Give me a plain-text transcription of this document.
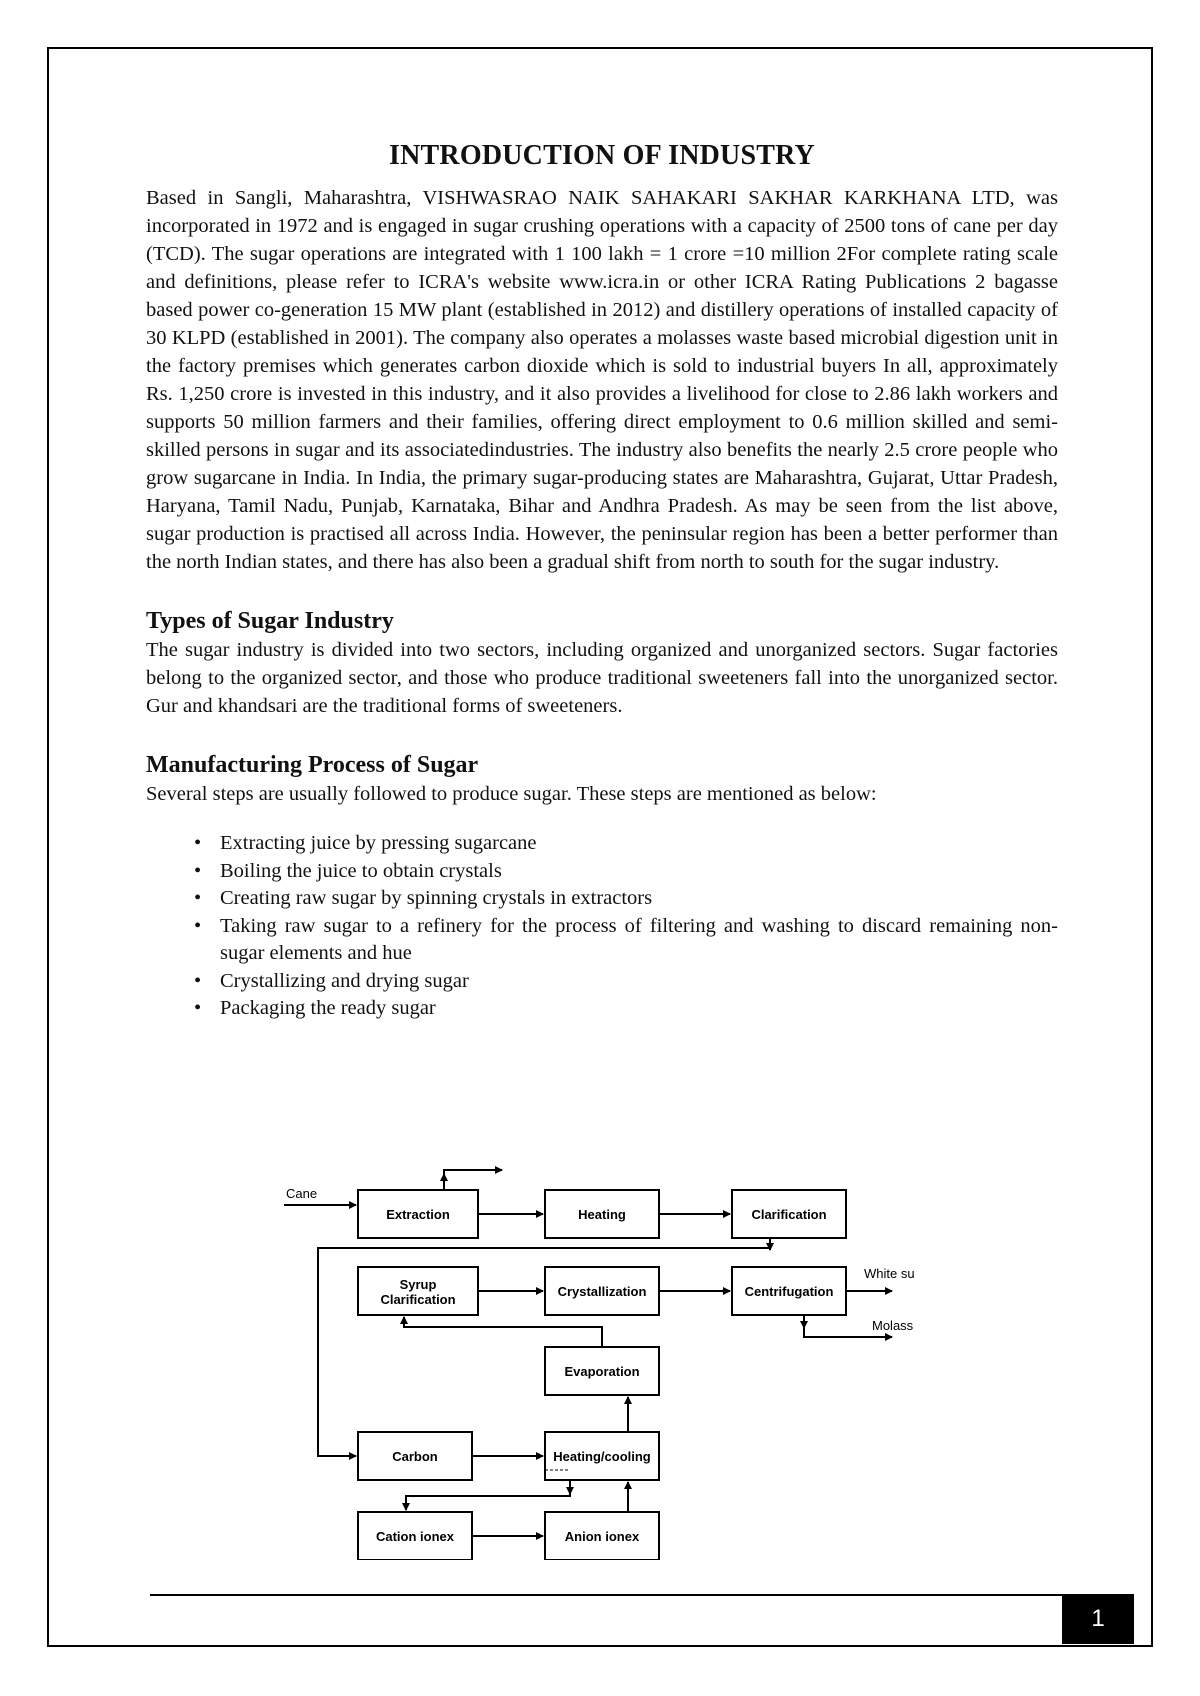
INTRODUCTION OF INDUSTRY

Based in Sangli, Maharashtra, VISHWASRAO NAIK SAHAKARI SAKHAR KARKHANA LTD, was incorporated in 1972 and is engaged in sugar crushing operations with a capacity of 2500 tons of cane per day (TCD). The sugar operations are integrated with 1 100 lakh = 1 crore =10 million 2For complete rating scale and definitions, please refer to ICRA's website www.icra.in or other ICRA Rating Publications 2 bagasse based power co-generation 15 MW plant (established in 2012) and distillery operations of installed capacity of 30 KLPD (established in 2001). The company also operates a molasses waste based microbial digestion unit in the factory premises which generates carbon dioxide which is sold to industrial buyers In all, approximately Rs. 1,250 crore is invested in this industry, and it also provides a livelihood for close to 2.86 lakh workers and supports 50 million farmers and their families, offering direct employment to 0.6 million skilled and semi-skilled persons in sugar and its associatedindustries. The industry also benefits the nearly 2.5 crore people who grow sugarcane in India. In India, the primary sugar-producing states are Maharashtra, Gujarat, Uttar Pradesh, Haryana, Tamil Nadu, Punjab, Karnataka, Bihar and Andhra Pradesh. As may be seen from the list above, sugar production is practised all across India. However, the peninsular region has been a better performer than the north Indian states, and there has also been a gradual shift from north to south for the sugar industry.

Types of Sugar Industry

The sugar industry is divided into two sectors, including organized and unorganized sectors. Sugar factories belong to the organized sector, and those who produce traditional sweeteners fall into the unorganized sector. Gur and khandsari are the traditional forms of sweeteners.

Manufacturing Process of Sugar

Several steps are usually followed to produce sugar. These steps are mentioned as below:

• Extracting juice by pressing sugarcane
• Boiling the juice to obtain crystals
• Creating raw sugar by spinning crystals in extractors
• Taking raw sugar to a refinery for the process of filtering and washing to discard remaining non- sugar elements and hue
• Crystallizing and drying sugar
• Packaging the ready sugar
Extraction	Heating	Clarification
Syrup
Clarification
Crystallization	Centrifugation
Evaporation
Carbon	Heating/cooling
Cation ionex	Anion ionex
Cane
White su
Molass
1
